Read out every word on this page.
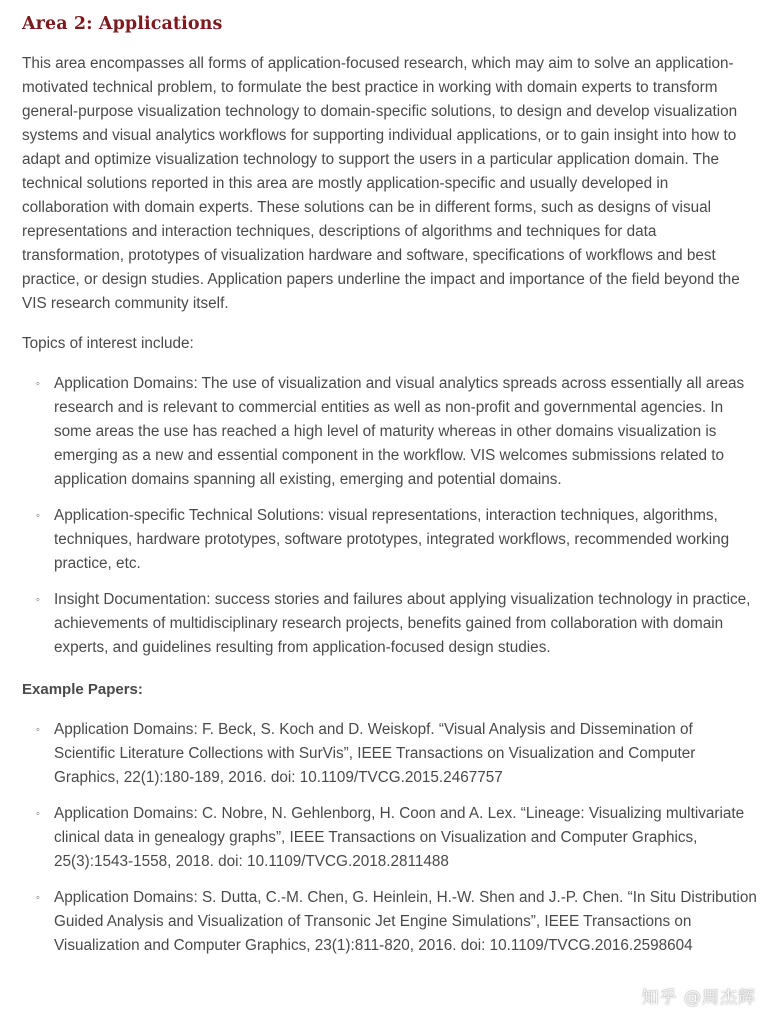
Area 2: Applications

This area encompasses all forms of application-focused research, which may aim to solve an application-motivated technical problem, to formulate the best practice in working with domain experts to transform general-purpose visualization technology to domain-specific solutions, to design and develop visualization systems and visual analytics workflows for supporting individual applications, or to gain insight into how to adapt and optimize visualization technology to support the users in a particular application domain. The technical solutions reported in this area are mostly application-specific and usually developed in collaboration with domain experts. These solutions can be in different forms, such as designs of visual representations and interaction techniques, descriptions of algorithms and techniques for data transformation, prototypes of visualization hardware and software, specifications of workflows and best practice, or design studies. Application papers underline the impact and importance of the field beyond the VIS research community itself.

Topics of interest include:

◦ Application Domains: The use of visualization and visual analytics spreads across essentially all areas research and is relevant to commercial entities as well as non-profit and governmental agencies. In some areas the use has reached a high level of maturity whereas in other domains visualization is emerging as a new and essential component in the workflow. VIS welcomes submissions related to application domains spanning all existing, emerging and potential domains.
◦ Application-specific Technical Solutions: visual representations, interaction techniques, algorithms, techniques, hardware prototypes, software prototypes, integrated workflows, recommended working practice, etc.
◦ Insight Documentation: success stories and failures about applying visualization technology in practice, achievements of multidisciplinary research projects, benefits gained from collaboration with domain experts, and guidelines resulting from application-focused design studies.
Example Papers:
◦ Application Domains: F. Beck, S. Koch and D. Weiskopf. “Visual Analysis and Dissemination of Scientific Literature Collections with SurVis”, IEEE Transactions on Visualization and Computer Graphics, 22(1):180-189, 2016. doi: 10.1109/TVCG.2015.2467757
◦ Application Domains: C. Nobre, N. Gehlenborg, H. Coon and A. Lex. “Lineage: Visualizing multivariate clinical data in genealogy graphs”, IEEE Transactions on Visualization and Computer Graphics, 25(3):1543-1558, 2018. doi: 10.1109/TVCG.2018.2811488
◦ Application Domains: S. Dutta, C.-M. Chen, G. Heinlein, H.-W. Shen and J.-P. Chen. “In Situ Distribution Guided Analysis and Visualization of Transonic Jet Engine Simulations”, IEEE Transactions on Visualization and Computer Graphics, 23(1):811-820, 2016. doi: 10.1109/TVCG.2016.2598604
知乎 @周杰辉
